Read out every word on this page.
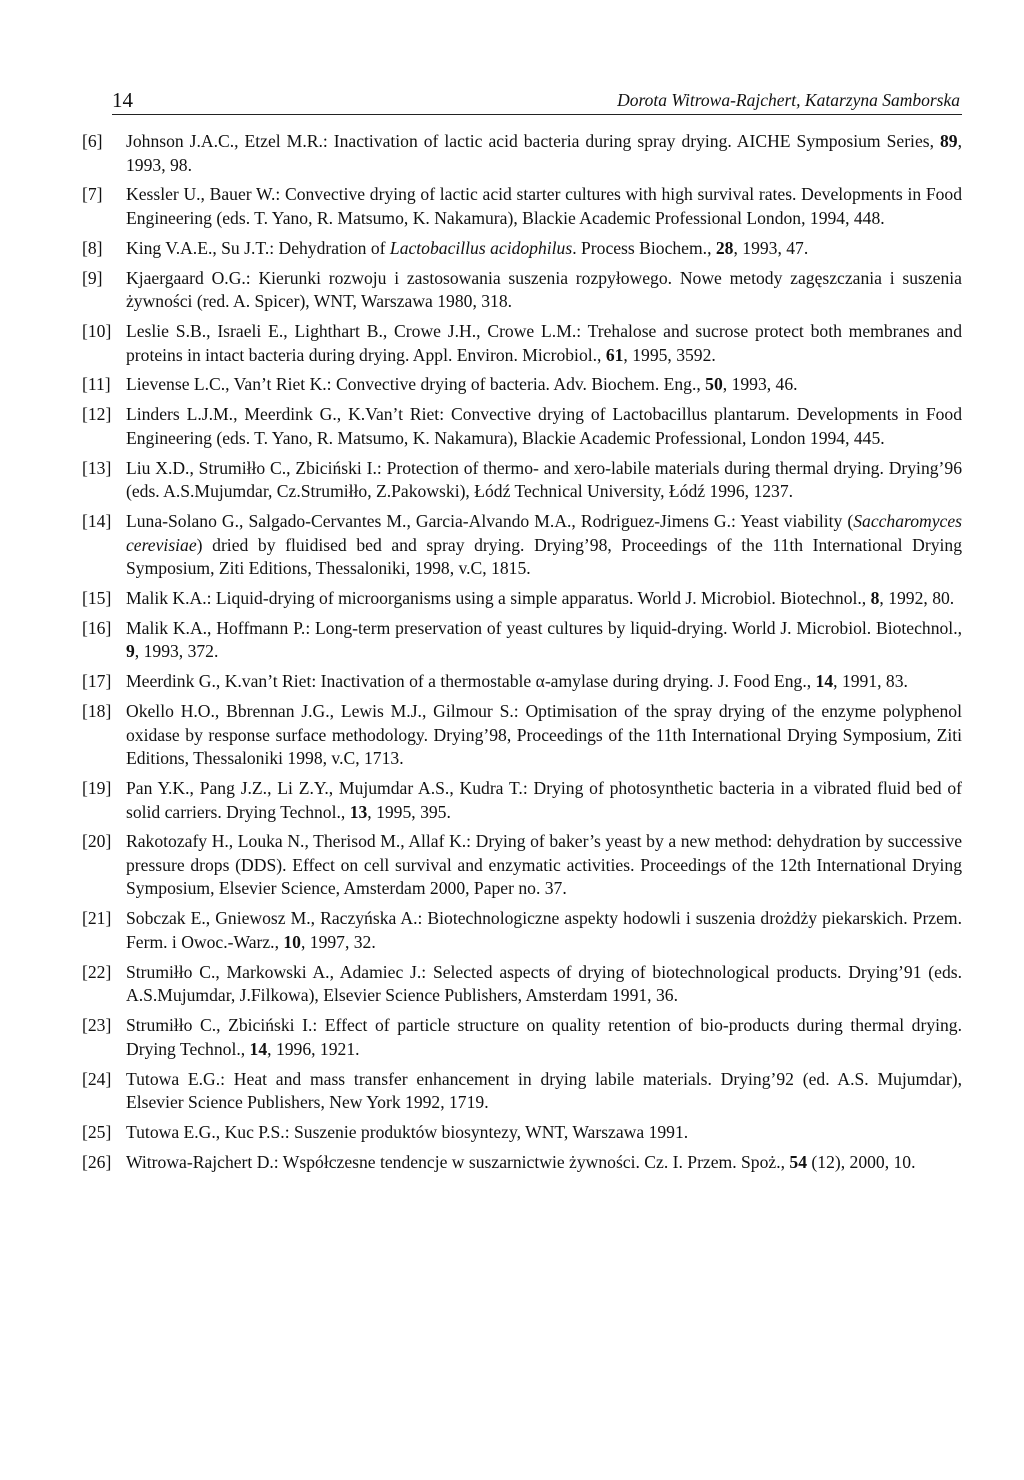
14	Dorota Witrowa-Rajchert, Katarzyna Samborska
[6]	Johnson J.A.C., Etzel M.R.: Inactivation of lactic acid bacteria during spray drying. AICHE Symposium Series, 89, 1993, 98.
[7]	Kessler U., Bauer W.: Convective drying of lactic acid starter cultures with high survival rates. Developments in Food Engineering (eds. T. Yano, R. Matsumo, K. Nakamura), Blackie Academic Professional London, 1994, 448.
[8]	King V.A.E., Su J.T.: Dehydration of Lactobacillus acidophilus. Process Biochem., 28, 1993, 47.
[9]	Kjaergaard O.G.: Kierunki rozwoju i zastosowania suszenia rozpyłowego. Nowe metody zagęszczania i suszenia żywności (red. A. Spicer), WNT, Warszawa 1980, 318.
[10] Leslie S.B., Israeli E., Lighthart B., Crowe J.H., Crowe L.M.: Trehalose and sucrose protect both membranes and proteins in intact bacteria during drying. Appl. Environ. Microbiol., 61, 1995, 3592.
[11] Lievense L.C., Van’t Riet K.: Convective drying of bacteria. Adv. Biochem. Eng., 50, 1993, 46.
[12] Linders L.J.M., Meerdink G., K.Van’t Riet: Convective drying of Lactobacillus plantarum. Developments in Food Engineering (eds. T. Yano, R. Matsumo, K. Nakamura), Blackie Academic Professional, London 1994, 445.
[13] Liu X.D., Strumiłło C., Zbiciński I.: Protection of thermo- and xero-labile materials during thermal drying. Drying’96 (eds. A.S.Mujumdar, Cz.Strumiłło, Z.Pakowski), Łódź Technical University, Łódź 1996, 1237.
[14] Luna-Solano G., Salgado-Cervantes M., Garcia-Alvando M.A., Rodriguez-Jimens G.: Yeast viability (Saccharomyces cerevisiae) dried by fluidised bed and spray drying. Drying’98, Proceedings of the 11th International Drying Symposium, Ziti Editions, Thessaloniki, 1998, v.C, 1815.
[15] Malik K.A.: Liquid-drying of microorganisms using a simple apparatus. World J. Microbiol. Biotechnol., 8, 1992, 80.
[16] Malik K.A., Hoffmann P.: Long-term preservation of yeast cultures by liquid-drying. World J. Microbiol. Biotechnol., 9, 1993, 372.
[17] Meerdink G., K.van’t Riet: Inactivation of a thermostable α-amylase during drying. J. Food Eng., 14, 1991, 83.
[18] Okello H.O., Bbrennan J.G., Lewis M.J., Gilmour S.: Optimisation of the spray drying of the enzyme polyphenol oxidase by response surface methodology. Drying’98, Proceedings of the 11th International Drying Symposium, Ziti Editions, Thessaloniki 1998, v.C, 1713.
[19] Pan Y.K., Pang J.Z., Li Z.Y., Mujumdar A.S., Kudra T.: Drying of photosynthetic bacteria in a vibrated fluid bed of solid carriers. Drying Technol., 13, 1995, 395.
[20] Rakotozafy H., Louka N., Therisod M., Allaf K.: Drying of baker’s yeast by a new method: dehydration by successive pressure drops (DDS). Effect on cell survival and enzymatic activities. Proceedings of the 12th International Drying Symposium, Elsevier Science, Amsterdam 2000, Paper no. 37.
[21] Sobczak E., Gniewosz M., Raczyńska A.: Biotechnologiczne aspekty hodowli i suszenia drożdży piekarskich. Przem. Ferm. i Owoc.-Warz., 10, 1997, 32.
[22] Strumiłło C., Markowski A., Adamiec J.: Selected aspects of drying of biotechnological products. Drying’91 (eds. A.S.Mujumdar, J.Filkowa), Elsevier Science Publishers, Amsterdam 1991, 36.
[23] Strumiłło C., Zbiciński I.: Effect of particle structure on quality retention of bio-products during thermal drying. Drying Technol., 14, 1996, 1921.
[24] Tutowa E.G.: Heat and mass transfer enhancement in drying labile materials. Drying’92 (ed. A.S. Mujumdar), Elsevier Science Publishers, New York 1992, 1719.
[25] Tutowa E.G., Kuc P.S.: Suszenie produktów biosyntezy, WNT, Warszawa 1991.
[26] Witrowa-Rajchert D.: Współczesne tendencje w suszarnictwie żywności. Cz. I. Przem. Spoż., 54 (12), 2000, 10.
